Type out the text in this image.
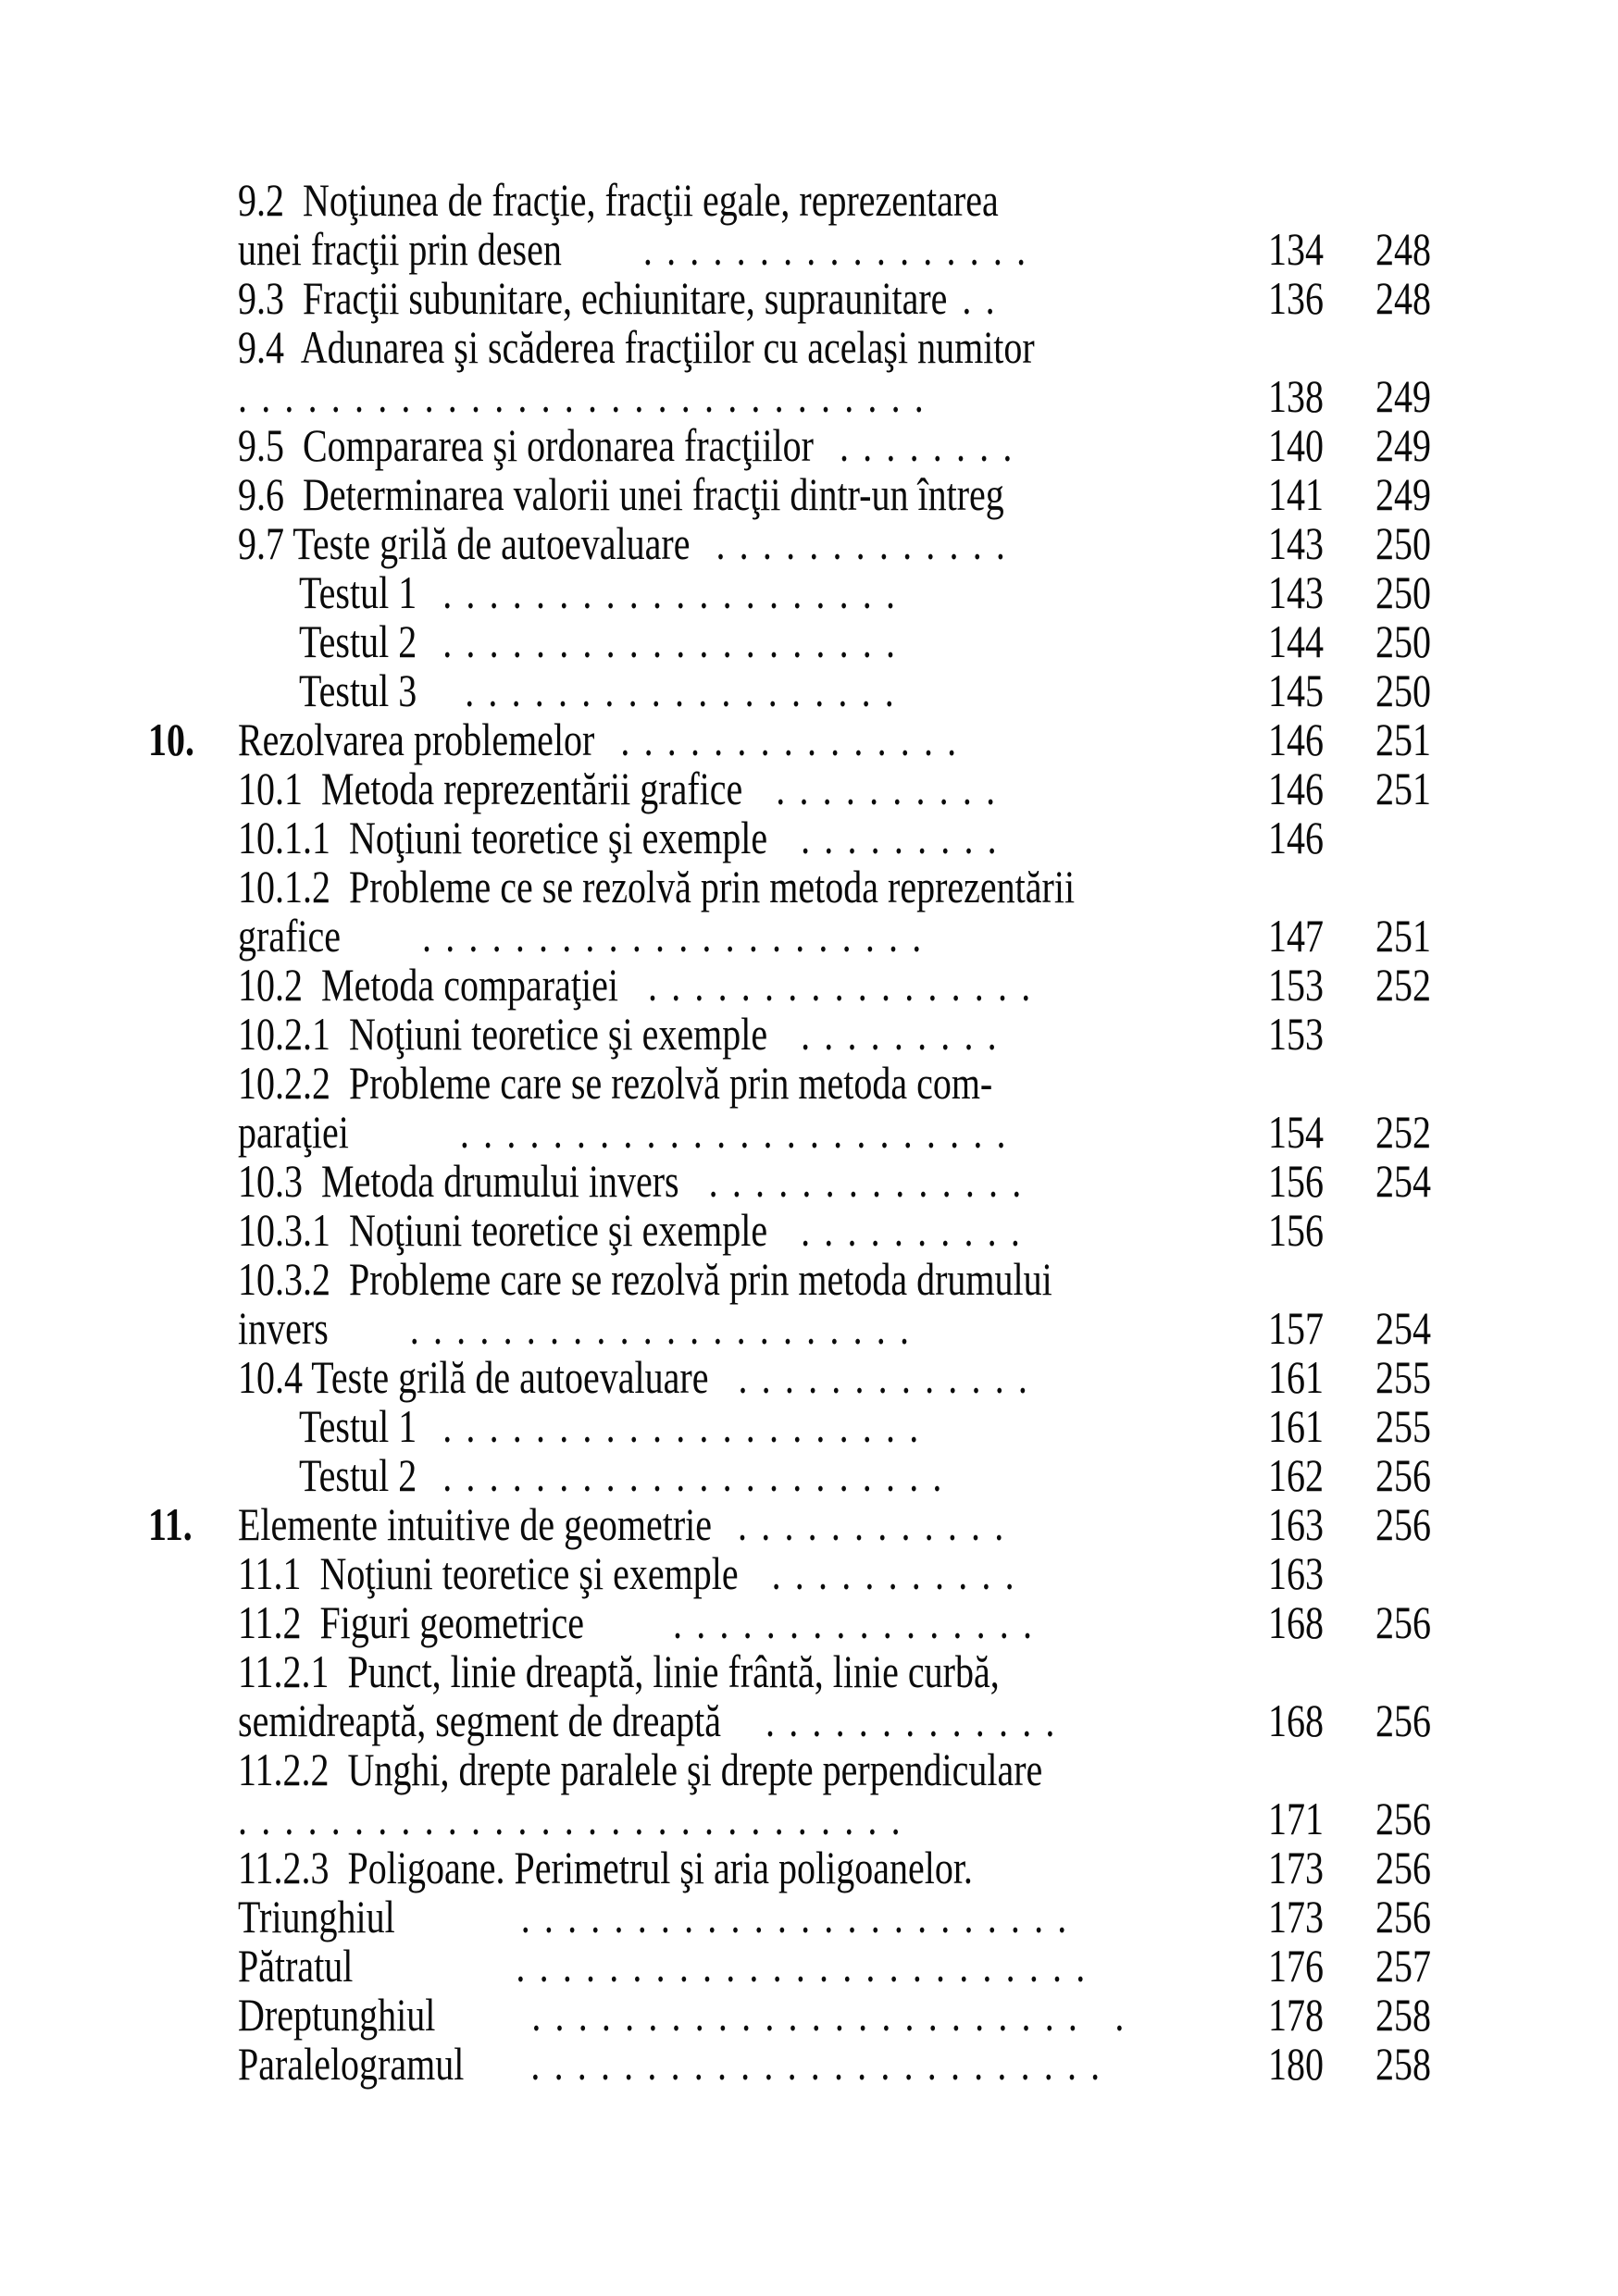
9.2  Noţiunea de fracţie, fracţii egale, reprezentarea
unei fracţii prin desen .................	134	248
9.3  Fracţii subunitare, echiunitare, supraunitare ..	136	248
9.4  Adunarea şi scăderea fracţiilor cu acelaşi numitor
..............................	138	249
9.5  Compararea şi ordonarea fracţiilor ........	140	249
9.6  Determinarea valorii unei fracţii dintr-un întreg	141	249
9.7 Teste grilă de autoevaluare .............	143	250
Testul 1 ....................	143	250
Testul 2 ....................	144	250
Testul 3 ...................	145	250
10. Rezolvarea problemelor ...............	146	251
10.1  Metoda reprezentării grafice ..........	146	251
10.1.1  Noţiuni teoretice şi exemple .........	146
10.1.2  Probleme ce se rezolvă prin metoda reprezentării
grafice ......................	147	251
10.2  Metoda comparaţiei .................	153	252
10.2.1  Noţiuni teoretice şi exemple .........	153
10.2.2  Probleme care se rezolvă prin metoda com-
paraţiei ........................	154	252
10.3  Metoda drumului invers ..............	156	254
10.3.1  Noţiuni teoretice şi exemple ..........	156
10.3.2  Probleme care se rezolvă prin metoda drumului
invers ......................	157	254
10.4 Teste grilă de autoevaluare .............	161	255
Testul 1 .....................	161	255
Testul 2 ......................	162	256
11. Elemente intuitive de geometrie ............	163	256
11.1  Noţiuni teoretice şi exemple ...........	163
11.2  Figuri geometrice ................	168	256
11.2.1  Punct, linie dreaptă, linie frântă, linie curbă,
semidreaptă, segment de dreaptă .............	168	256
11.2.2  Unghi, drepte paralele şi drepte perpendiculare
.............................	171	256
11.2.3  Poligoane. Perimetrul şi aria poligoanelor.	173	256
Triunghiul	........................	173	256
Pătratul	.........................	176	257
Dreptunghiul ........................ .	178	258
Paralelogramul .........................	180	258
